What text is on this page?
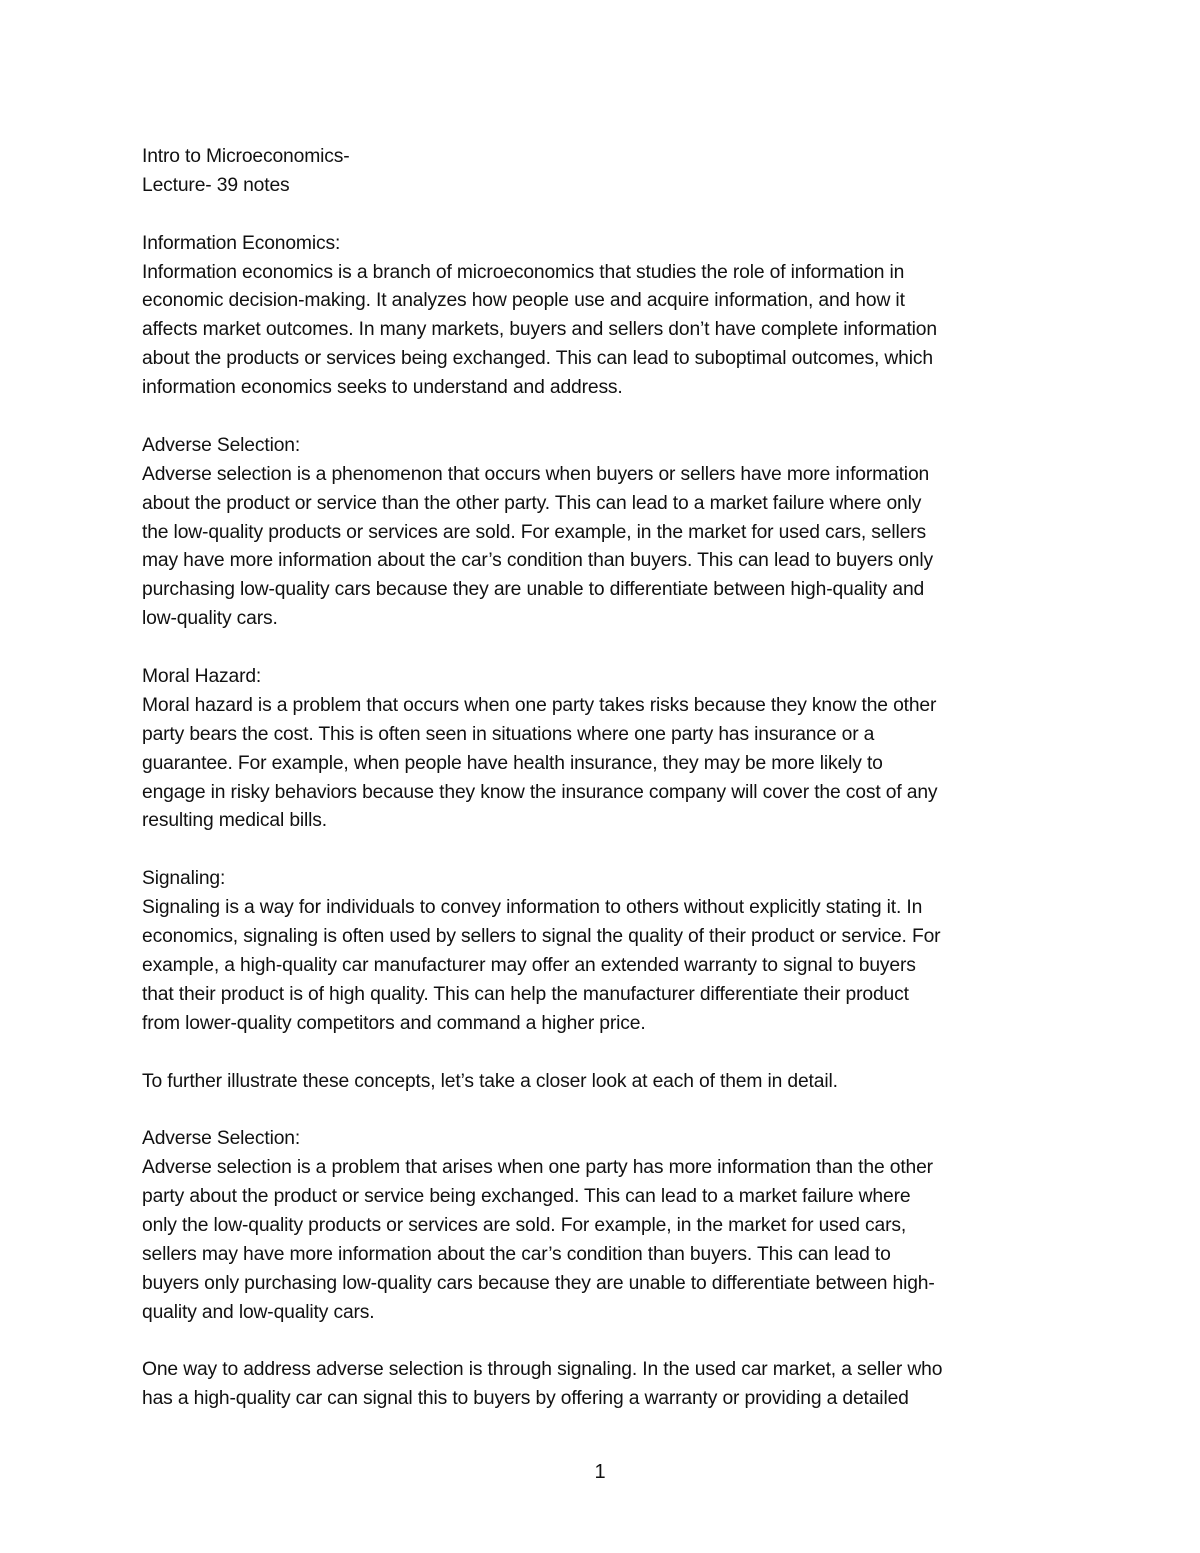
Intro to Microeconomics-
Lecture- 39 notes
Information Economics:
Information economics is a branch of microeconomics that studies the role of information in
economic decision-making. It analyzes how people use and acquire information, and how it
affects market outcomes. In many markets, buyers and sellers don’t have complete information
about the products or services being exchanged. This can lead to suboptimal outcomes, which
information economics seeks to understand and address.
Adverse Selection:
Adverse selection is a phenomenon that occurs when buyers or sellers have more information
about the product or service than the other party. This can lead to a market failure where only
the low-quality products or services are sold. For example, in the market for used cars, sellers
may have more information about the car’s condition than buyers. This can lead to buyers only
purchasing low-quality cars because they are unable to differentiate between high-quality and
low-quality cars.
Moral Hazard:
Moral hazard is a problem that occurs when one party takes risks because they know the other
party bears the cost. This is often seen in situations where one party has insurance or a
guarantee. For example, when people have health insurance, they may be more likely to
engage in risky behaviors because they know the insurance company will cover the cost of any
resulting medical bills.
Signaling:
Signaling is a way for individuals to convey information to others without explicitly stating it. In
economics, signaling is often used by sellers to signal the quality of their product or service. For
example, a high-quality car manufacturer may offer an extended warranty to signal to buyers
that their product is of high quality. This can help the manufacturer differentiate their product
from lower-quality competitors and command a higher price.
To further illustrate these concepts, let’s take a closer look at each of them in detail.
Adverse Selection:
Adverse selection is a problem that arises when one party has more information than the other
party about the product or service being exchanged. This can lead to a market failure where
only the low-quality products or services are sold. For example, in the market for used cars,
sellers may have more information about the car’s condition than buyers. This can lead to
buyers only purchasing low-quality cars because they are unable to differentiate between high-
quality and low-quality cars.
One way to address adverse selection is through signaling. In the used car market, a seller who
has a high-quality car can signal this to buyers by offering a warranty or providing a detailed
1
